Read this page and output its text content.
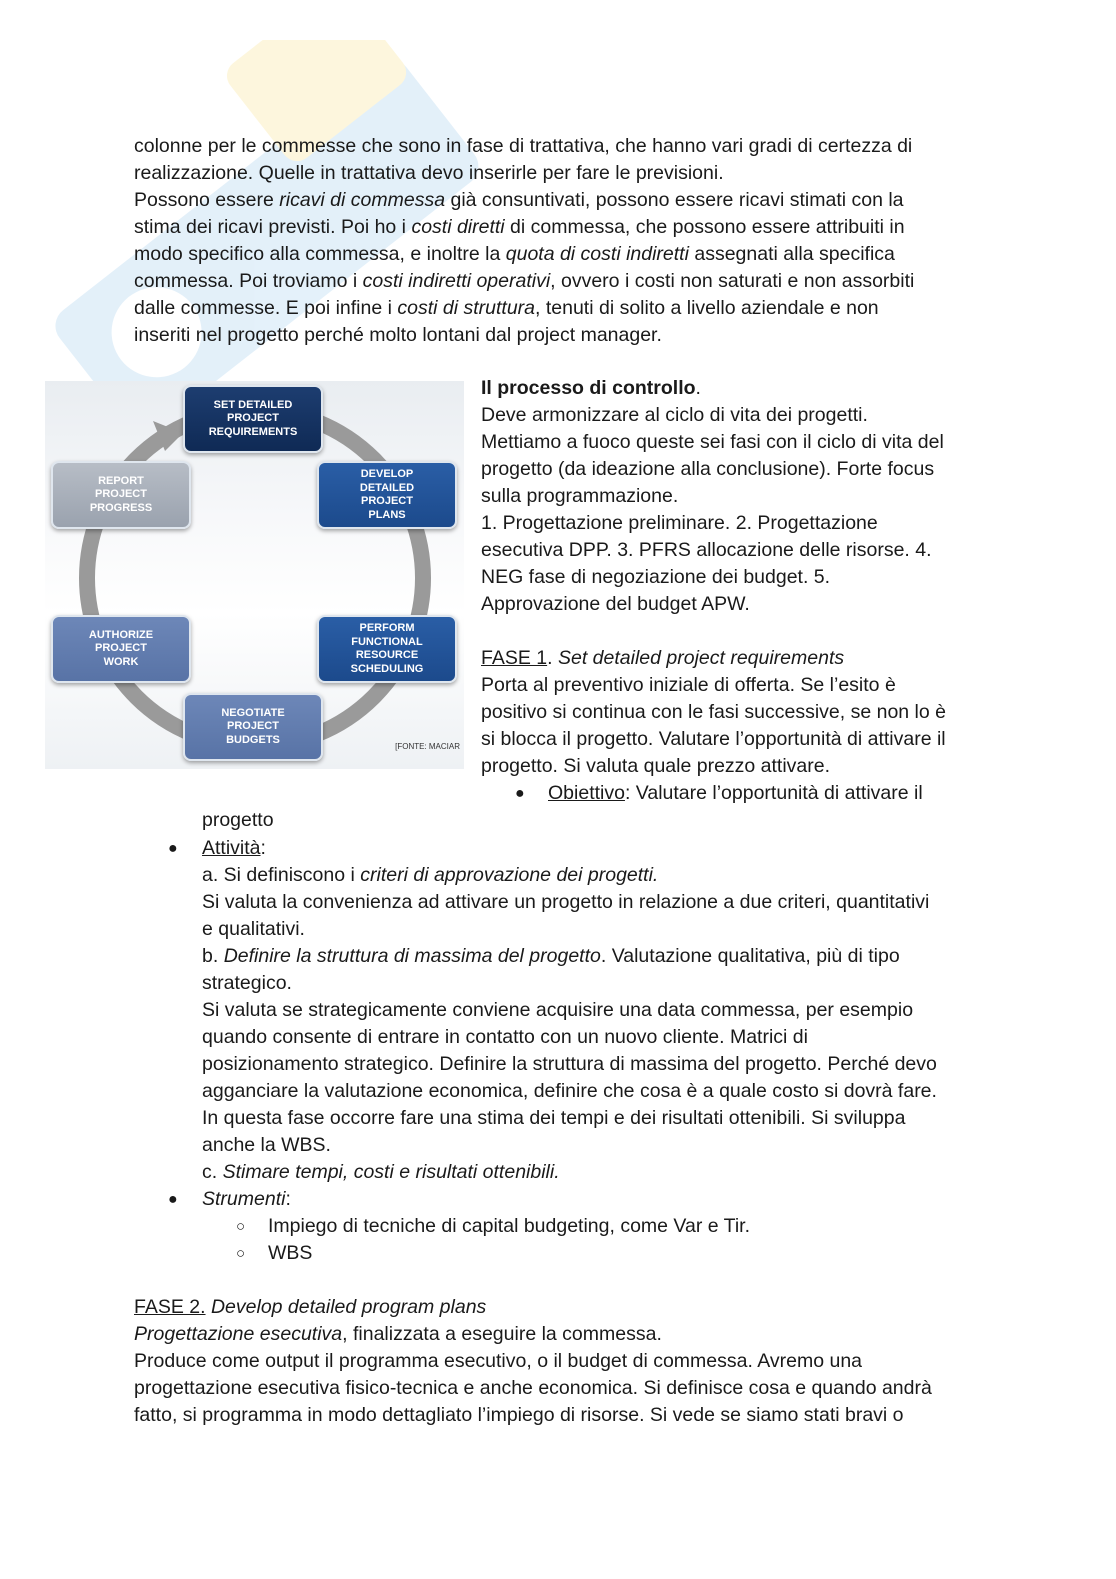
colonne per le commesse che sono in fase di trattativa, che hanno vari gradi di certezza di

realizzazione. Quelle in trattativa devo inserirle per fare le previsioni.

Possono essere ricavi di commessa già consuntivati, possono essere ricavi stimati con la

stima dei ricavi previsti. Poi ho i costi diretti di commessa, che possono essere attribuiti in

modo specifico alla commessa, e inoltre la quota di costi indiretti assegnati alla specifica

commessa. Poi troviamo i costi indiretti operativi, ovvero i costi non saturati e non assorbiti

dalle commesse. E poi infine i costi di struttura, tenuti di solito a livello aziendale e non

inseriti nel progetto perché molto lontani dal project manager.

SET DETAILED
PROJECT
REQUIREMENTS
DEVELOP
DETAILED
PROJECT
PLANS
PERFORM
FUNCTIONAL
RESOURCE
SCHEDULING
NEGOTIATE
PROJECT
BUDGETS
AUTHORIZE
PROJECT
WORK
REPORT
PROJECT
PROGRESS
[FONTE: MACIAR

Il processo di controllo.

Deve armonizzare al ciclo di vita dei progetti.

Mettiamo a fuoco queste sei fasi con il ciclo di vita del

progetto (da ideazione alla conclusione). Forte focus

sulla programmazione.

1. Progettazione preliminare. 2. Progettazione

esecutiva DPP. 3. PFRS allocazione delle risorse. 4.

NEG fase di negoziazione dei budget. 5.

Approvazione del budget APW.

FASE 1. Set detailed project requirements

Porta al preventivo iniziale di offerta. Se l’esito è

positivo si continua con le fasi successive, se non lo è

si blocca il progetto. Valutare l’opportunità di attivare il

progetto. Si valuta quale prezzo attivare.

● Obiettivo: Valutare l’opportunità di attivare il

progetto

● Attività:

a. Si definiscono i criteri di approvazione dei progetti.

Si valuta la convenienza ad attivare un progetto in relazione a due criteri, quantitativi

e qualitativi.

b. Definire la struttura di massima del progetto. Valutazione qualitativa, più di tipo

strategico.

Si valuta se strategicamente conviene acquisire una data commessa, per esempio

quando consente di entrare in contatto con un nuovo cliente. Matrici di

posizionamento strategico. Definire la struttura di massima del progetto. Perché devo

agganciare la valutazione economica, definire che cosa è a quale costo si dovrà fare.

In questa fase occorre fare una stima dei tempi e dei risultati ottenibili. Si sviluppa

anche la WBS.

c. Stimare tempi, costi e risultati ottenibili.

● Strumenti:

○ Impiego di tecniche di capital budgeting, come Var e Tir.

○ WBS

FASE 2. Develop detailed program plans

Progettazione esecutiva, finalizzata a eseguire la commessa.

Produce come output il programma esecutivo, o il budget di commessa. Avremo una

progettazione esecutiva fisico-tecnica e anche economica. Si definisce cosa e quando andrà

fatto, si programma in modo dettagliato l’impiego di risorse. Si vede se siamo stati bravi o
